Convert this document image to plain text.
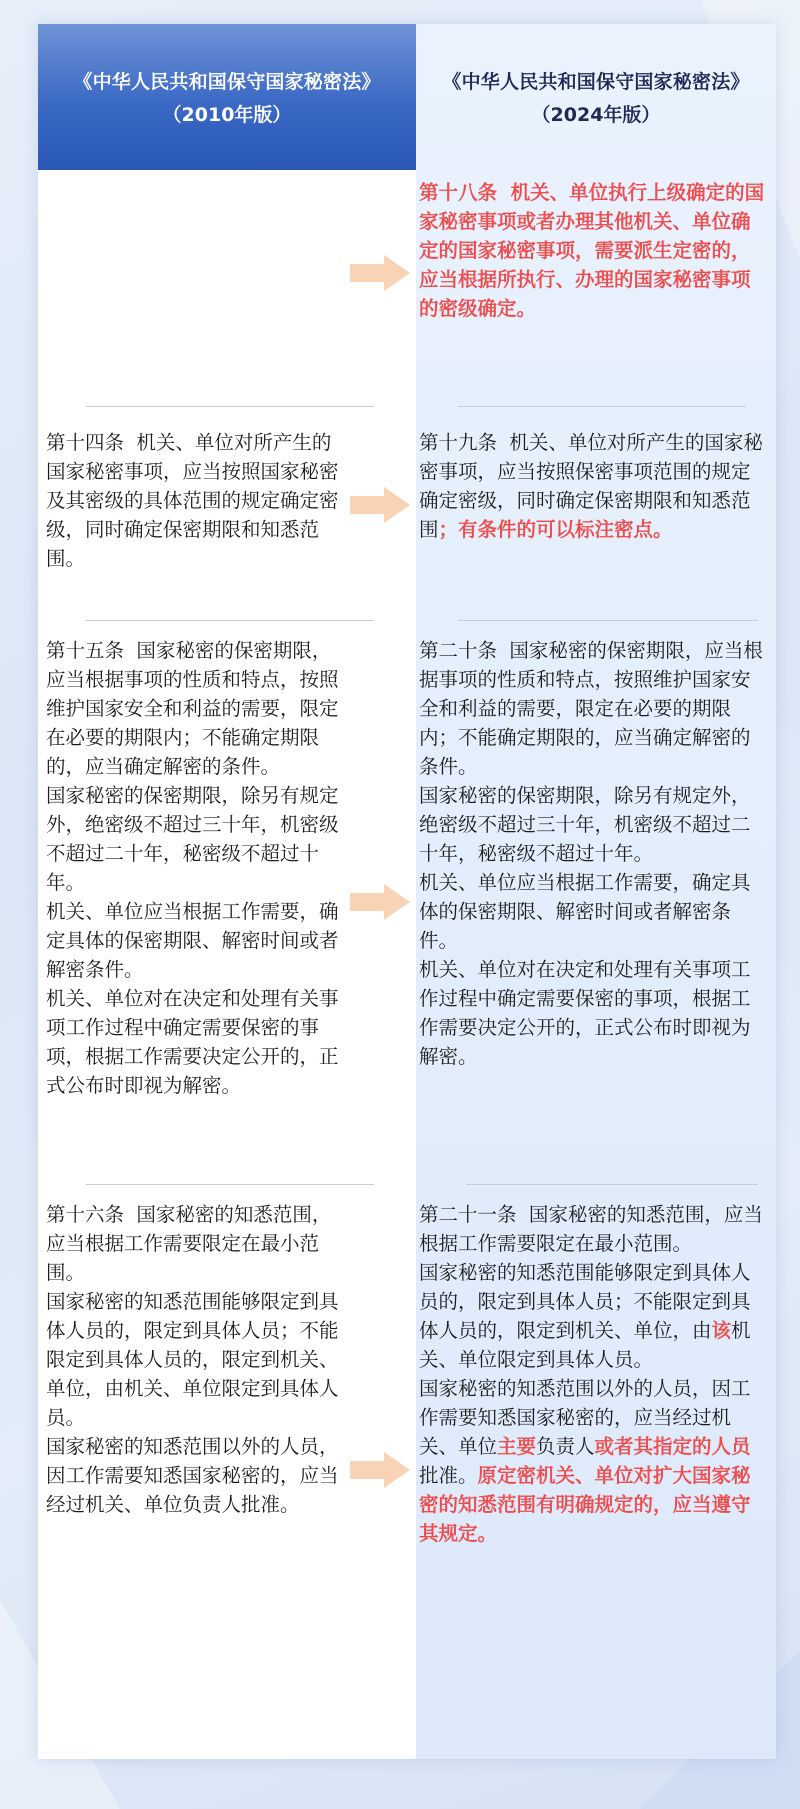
《中华人民共和国保守国家秘密法》
（2010年版）
《中华人民共和国保守国家秘密法》
（2024年版）
第十八条  机关、单位执行上级确定的国家秘密事项或者办理其他机关、单位确定的国家秘密事项，需要派生定密的，应当根据所执行、办理的国家秘密事项的密级确定。
第十四条  机关、单位对所产生的国家秘密事项，应当按照国家秘密及其密级的具体范围的规定确定密级，同时确定保密期限和知悉范围。
第十九条  机关、单位对所产生的国家秘密事项，应当按照保密事项范围的规定确定密级，同时确定保密期限和知悉范围；有条件的可以标注密点。
第十五条  国家秘密的保密期限，应当根据事项的性质和特点，按照维护国家安全和利益的需要，限定在必要的期限内；不能确定期限的，应当确定解密的条件。
国家秘密的保密期限，除另有规定外，绝密级不超过三十年，机密级不超过二十年，秘密级不超过十年。
机关、单位应当根据工作需要，确定具体的保密期限、解密时间或者解密条件。
机关、单位对在决定和处理有关事项工作过程中确定需要保密的事项，根据工作需要决定公开的，正式公布时即视为解密。
第二十条  国家秘密的保密期限，应当根据事项的性质和特点，按照维护国家安全和利益的需要，限定在必要的期限内；不能确定期限的，应当确定解密的条件。
国家秘密的保密期限，除另有规定外，绝密级不超过三十年，机密级不超过二十年，秘密级不超过十年。
机关、单位应当根据工作需要，确定具体的保密期限、解密时间或者解密条件。
机关、单位对在决定和处理有关事项工作过程中确定需要保密的事项，根据工作需要决定公开的，正式公布时即视为解密。
第十六条  国家秘密的知悉范围，应当根据工作需要限定在最小范围。
国家秘密的知悉范围能够限定到具体人员的，限定到具体人员；不能限定到具体人员的，限定到机关、单位，由机关、单位限定到具体人员。
国家秘密的知悉范围以外的人员，因工作需要知悉国家秘密的，应当经过机关、单位负责人批准。
第二十一条  国家秘密的知悉范围，应当根据工作需要限定在最小范围。
国家秘密的知悉范围能够限定到具体人员的，限定到具体人员；不能限定到具体人员的，限定到机关、单位，由该机关、单位限定到具体人员。
国家秘密的知悉范围以外的人员，因工作需要知悉国家秘密的，应当经过机关、单位主要负责人或者其指定的人员批准。原定密机关、单位对扩大国家秘密的知悉范围有明确规定的，应当遵守其规定。
